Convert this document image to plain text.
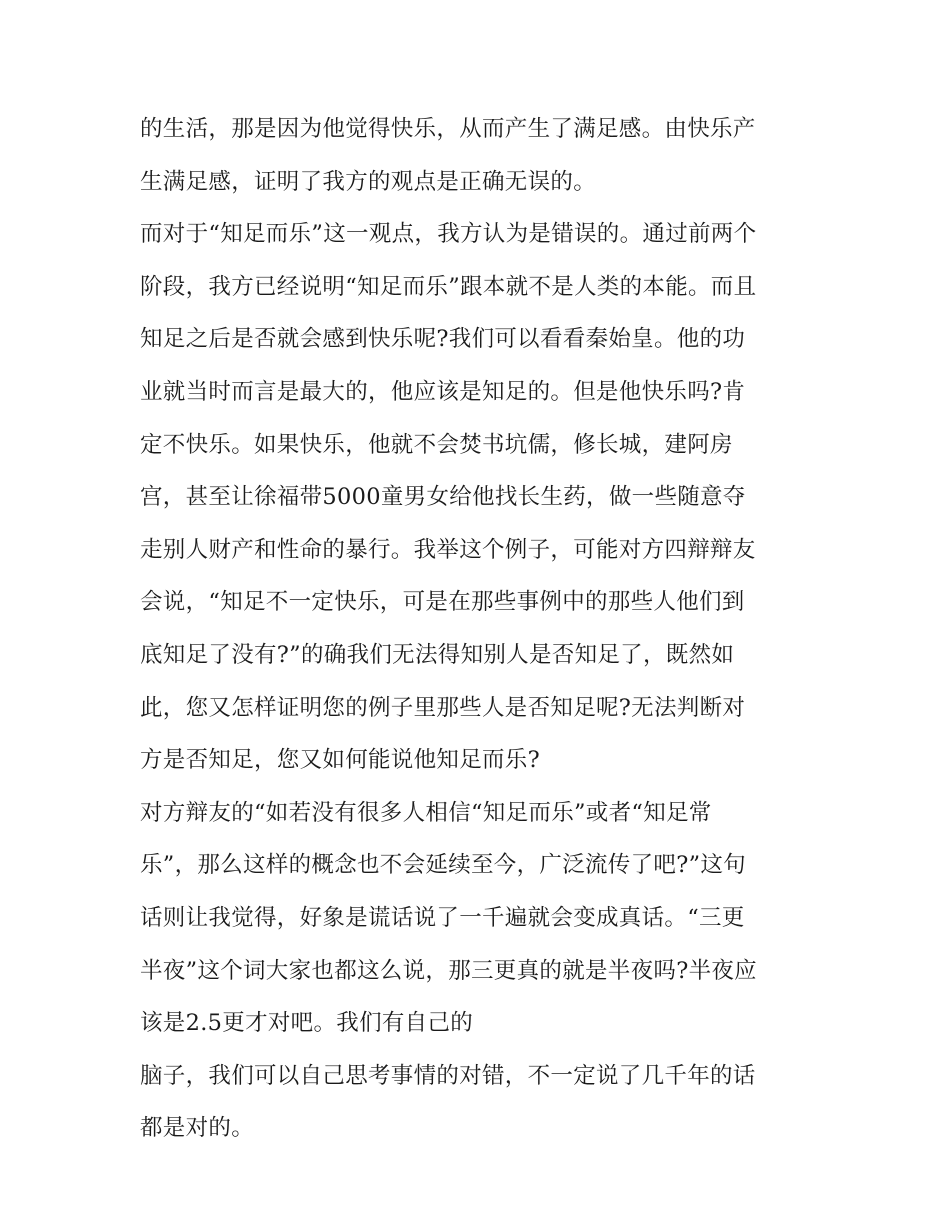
的生活，那是因为他觉得快乐，从而产生了满足感。由快乐产
生满足感，证明了我方的观点是正确无误的。
而对于“知足而乐”这一观点，我方认为是错误的。通过前两个
阶段，我方已经说明“知足而乐”跟本就不是人类的本能。而且
知足之后是否就会感到快乐呢?我们可以看看秦始皇。他的功
业就当时而言是最大的，他应该是知足的。但是他快乐吗?肯
定不快乐。如果快乐，他就不会焚书坑儒，修长城，建阿房
宫，甚至让徐福带5000童男女给他找长生药，做一些随意夺
走别人财产和性命的暴行。我举这个例子，可能对方四辩辩友
会说，“知足不一定快乐，可是在那些事例中的那些人他们到
底知足了没有?”的确我们无法得知别人是否知足了，既然如
此，您又怎样证明您的例子里那些人是否知足呢?无法判断对
方是否知足，您又如何能说他知足而乐?
对方辩友的“如若没有很多人相信“知足而乐”或者“知足常
乐”，那么这样的概念也不会延续至今，广泛流传了吧?”这句
话则让我觉得，好象是谎话说了一千遍就会变成真话。“三更
半夜”这个词大家也都这么说，那三更真的就是半夜吗?半夜应
该是2.5更才对吧。我们有自己的
脑子，我们可以自己思考事情的对错，不一定说了几千年的话
都是对的。
